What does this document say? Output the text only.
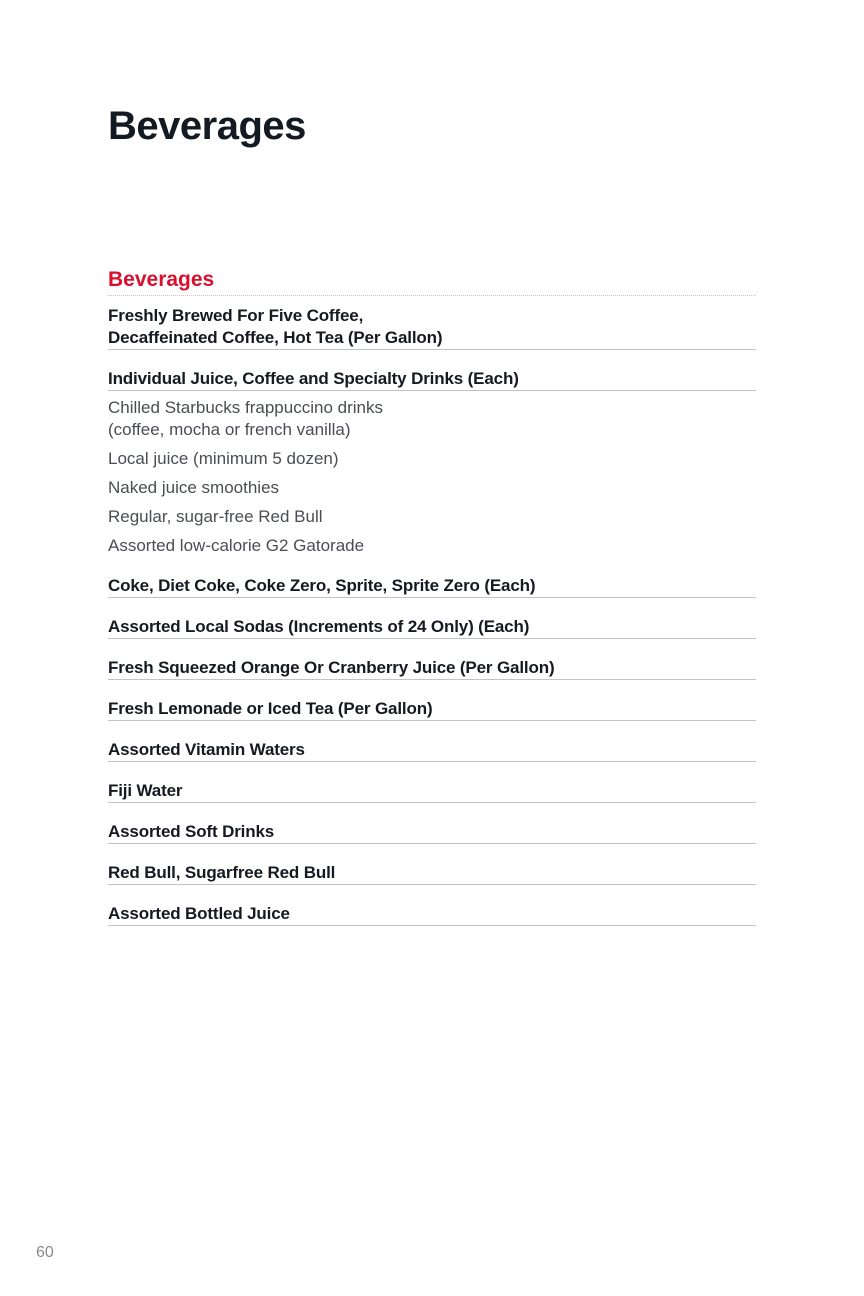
Beverages
Beverages
Freshly Brewed For Five Coffee,
Decaffeinated Coffee, Hot Tea (Per Gallon)
Individual Juice, Coffee and Specialty Drinks (Each)
Chilled Starbucks frappuccino drinks
(coffee, mocha or french vanilla)
Local juice (minimum 5 dozen)
Naked juice smoothies
Regular, sugar-free Red Bull
Assorted low-calorie G2 Gatorade
Coke, Diet Coke, Coke Zero, Sprite, Sprite Zero (Each)
Assorted Local Sodas (Increments of 24 Only) (Each)
Fresh Squeezed Orange Or Cranberry Juice (Per Gallon)
Fresh Lemonade or Iced Tea (Per Gallon)
Assorted Vitamin Waters
Fiji Water
Assorted Soft Drinks
Red Bull, Sugarfree Red Bull
Assorted Bottled Juice
60
